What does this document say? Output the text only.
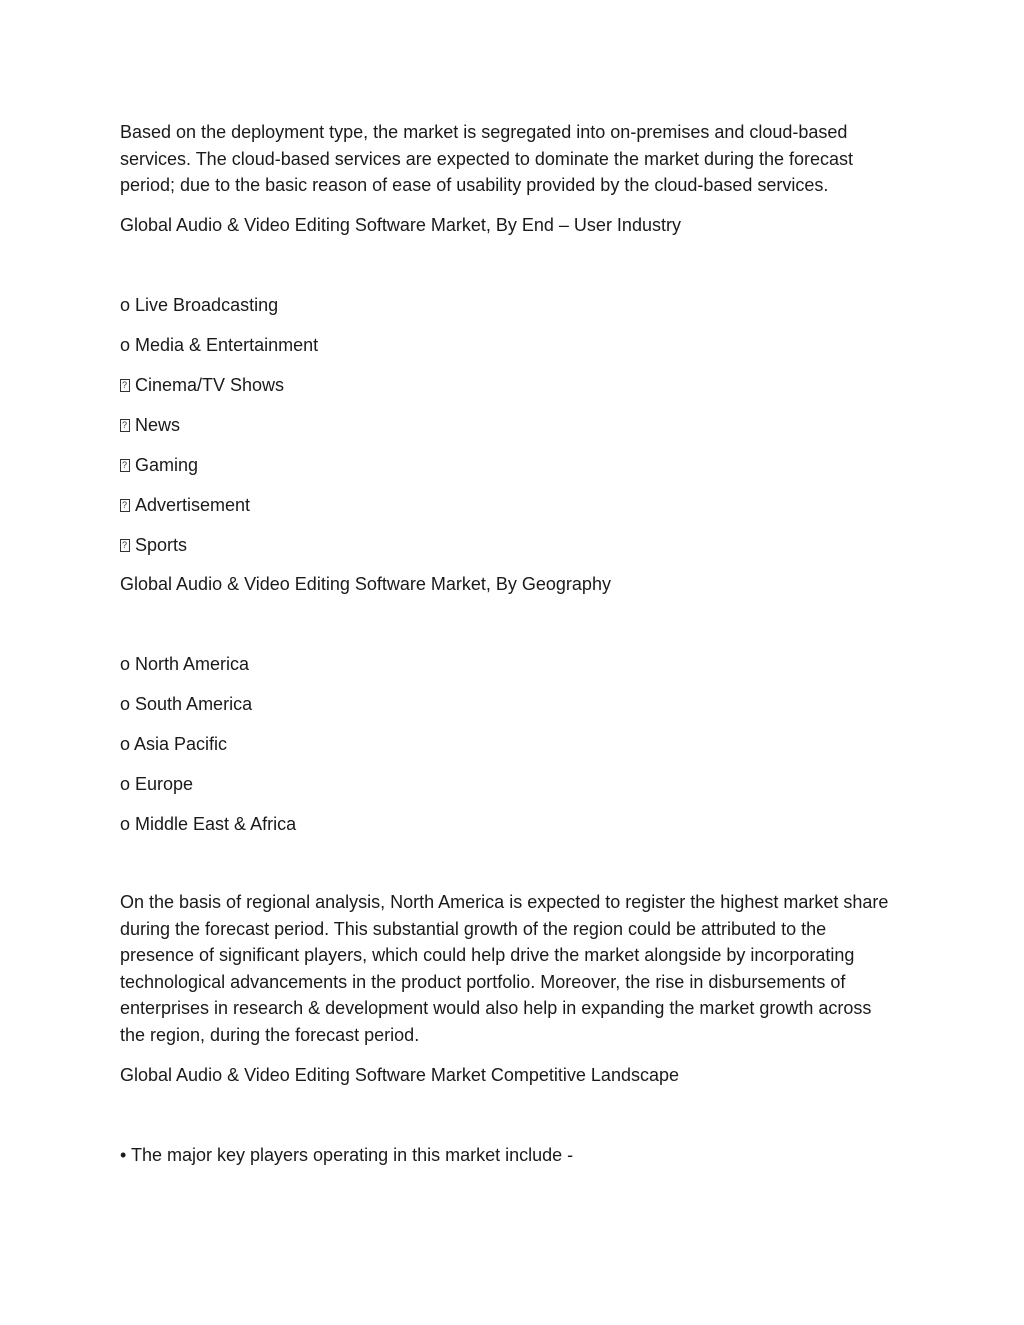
Based on the deployment type, the market is segregated into on-premises and cloud-based services. The cloud-based services are expected to dominate the market during the forecast period; due to the basic reason of ease of usability provided by the cloud-based services.

Global Audio & Video Editing Software Market, By End – User Industry

o Live Broadcasting

o Media & Entertainment

?Cinema/TV Shows

?News

?Gaming

?Advertisement

?Sports

Global Audio & Video Editing Software Market, By Geography

o North America

o South America

o Asia Pacific

o Europe

o Middle East & Africa

On the basis of regional analysis, North America is expected to register the highest market share during the forecast period. This substantial growth of the region could be attributed to the presence of significant players, which could help drive the market alongside by incorporating technological advancements in the product portfolio. Moreover, the rise in disbursements of enterprises in research & development would also help in expanding the market growth across the region, during the forecast period.

Global Audio & Video Editing Software Market Competitive Landscape

• The major key players operating in this market include -
